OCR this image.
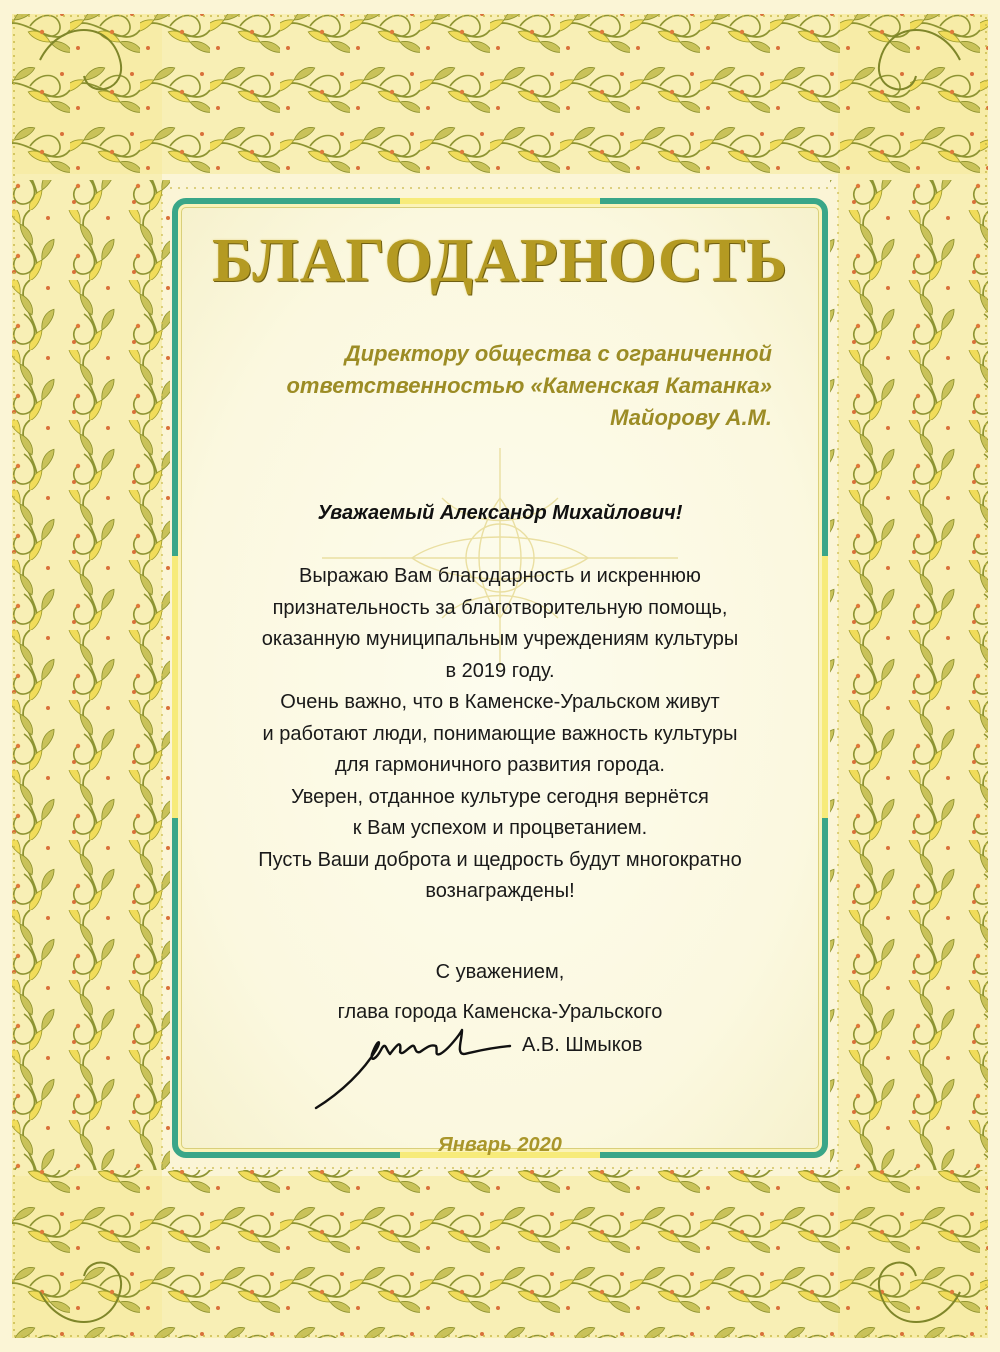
БЛАГОДАРНОСТЬ
Директору общества с ограниченной
ответственностью «Каменская Катанка»
Майорову А.М.
Уважаемый Александр Михайлович!
Выражаю Вам благодарность и искреннюю
признательность за благотворительную помощь,
оказанную муниципальным учреждениям культуры
в 2019 году.
Очень важно, что в Каменске-Уральском живут
и работают люди, понимающие важность культуры
для гармоничного развития города.
Уверен, отданное культуре сегодня вернётся
к Вам успехом и процветанием.
Пусть Ваши доброта и щедрость будут многократно
вознаграждены!
С уважением,
глава города Каменска-Уральского
А.В. Шмыков
Январь 2020
